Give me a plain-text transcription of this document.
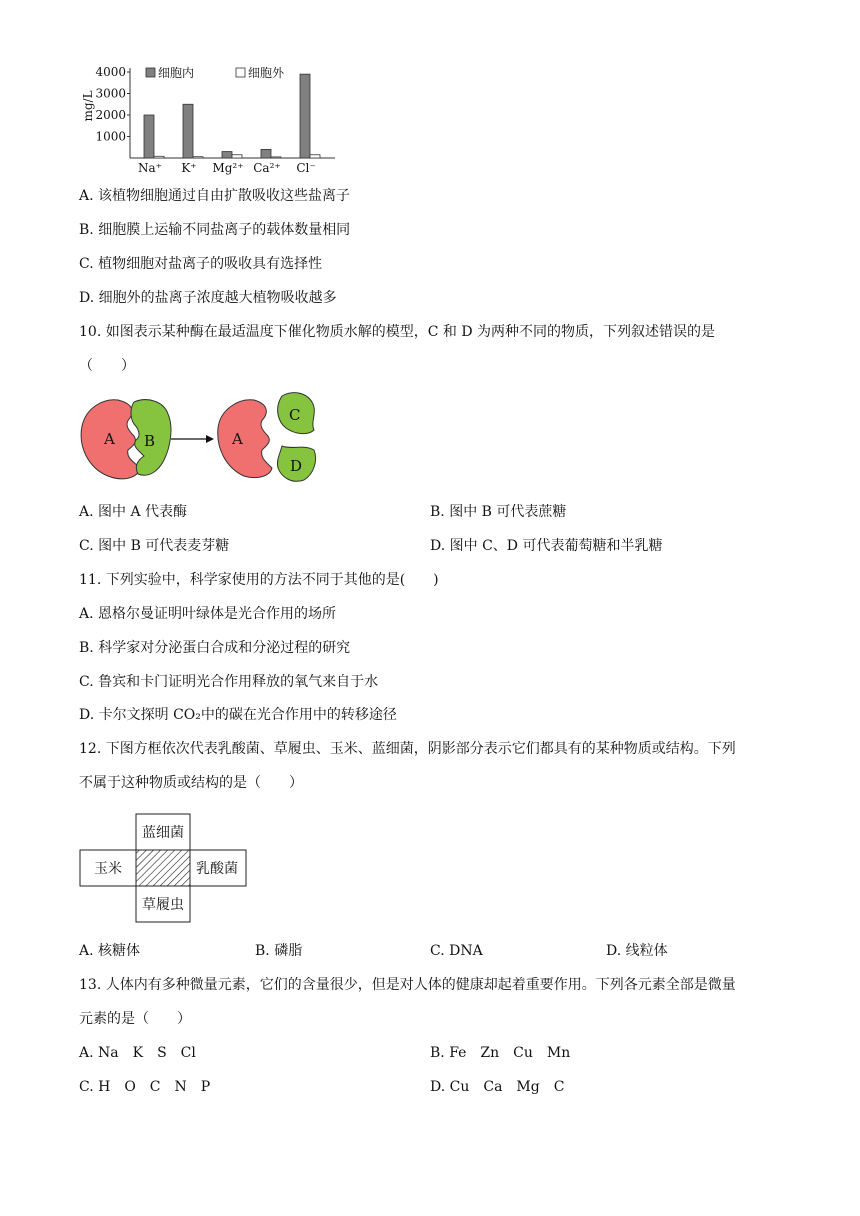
1000
2000
3000
4000
mg/L
Na⁺ K⁺ Mg²⁺ Ca²⁺ Cl⁻
细胞内	细胞外
A. 该植物细胞通过自由扩散吸收这些盐离子
B. 细胞膜上运输不同盐离子的载体数量相同
C. 植物细胞对盐离子的吸收具有选择性
D. 细胞外的盐离子浓度越大植物吸收越多
10. 如图表示某种酶在最适温度下催化物质水解的模型，C 和 D 为两种不同的物质，下列叙述错误的是
（　　）
A B	A
C
D
A. 图中 A 代表酶	B. 图中 B 可代表蔗糖
C. 图中 B 可代表麦芽糖	D. 图中 C、D 可代表葡萄糖和半乳糖
11. 下列实验中，科学家使用的方法不同于其他的是(　　)
A. 恩格尔曼证明叶绿体是光合作用的场所
B. 科学家对分泌蛋白合成和分泌过程的研究
C. 鲁宾和卡门证明光合作用释放的氧气来自于水
D. 卡尔文探明 CO₂中的碳在光合作用中的转移途径
12. 下图方框依次代表乳酸菌、草履虫、玉米、蓝细菌，阴影部分表示它们都具有的某种物质或结构。下列
不属于这种物质或结构的是（　　）
蓝细菌
玉米	乳酸菌
草履虫
A. 核糖体	B. 磷脂	C. DNA	D. 线粒体
13. 人体内有多种微量元素，它们的含量很少，但是对人体的健康却起着重要作用。下列各元素全部是微量
元素的是（　　）
A. Na　K　S　Cl	B. Fe　Zn　Cu　Mn
C. H　O　C　N　P	D. Cu　Ca　Mg　C
